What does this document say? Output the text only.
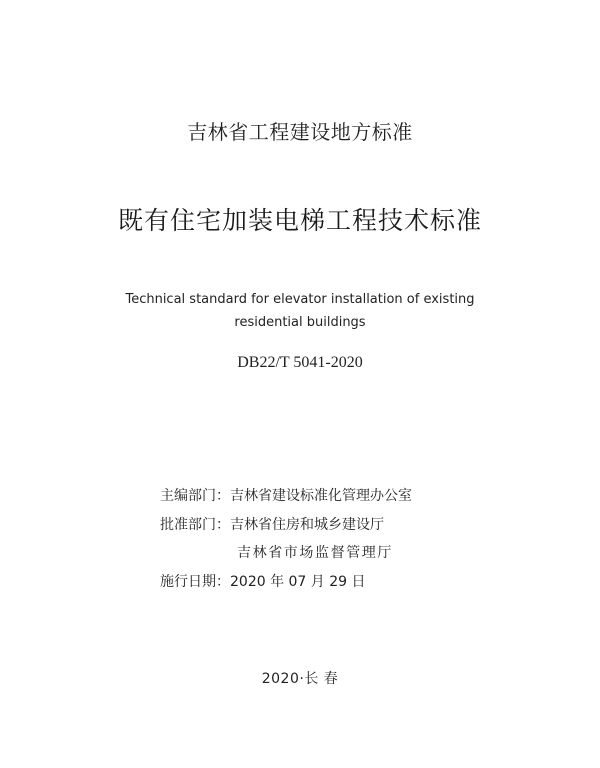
吉林省工程建设地方标准
既有住宅加装电梯工程技术标准
Technical standard for elevator installation of existing
residential buildings
DB22/T 5041-2020
主编部门：吉林省建设标准化管理办公室
批准部门：吉林省住房和城乡建设厅
吉林省市场监督管理厅
施行日期：2020 年 07 月 29 日
2020·长 春
